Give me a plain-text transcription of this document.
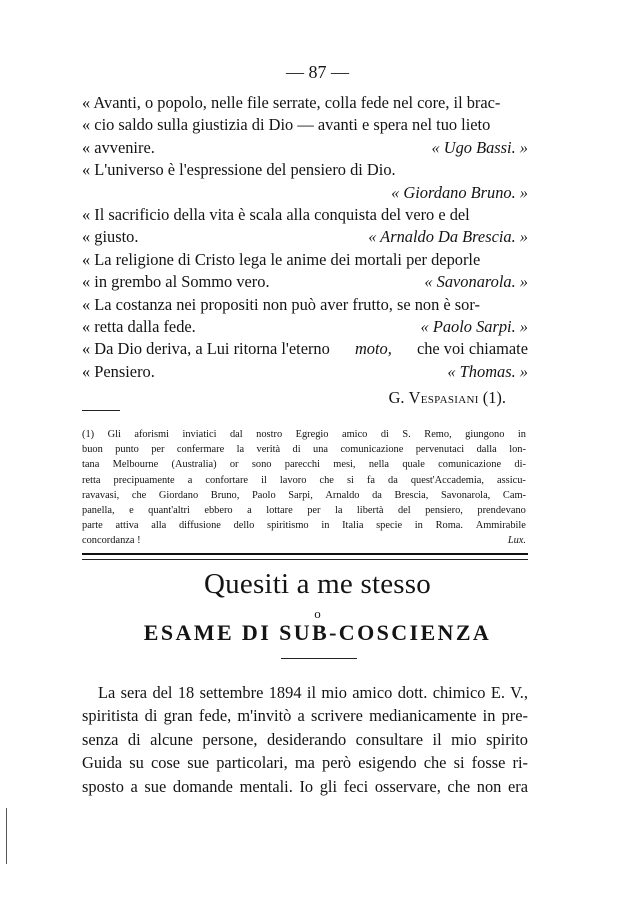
— 87 —
« Avanti, o popolo, nelle file serrate, colla fede nel core, il brac-
« cio saldo sulla giustizia di Dio — avanti e spera nel tuo lieto
« avvenire.	« Ugo Bassi. »
« L'universo è l'espressione del pensiero di Dio.
« Giordano Bruno. »
« Il sacrificio della vita è scala alla conquista del vero e del
« giusto.	« Arnaldo Da Brescia. »
« La religione di Cristo lega le anime dei mortali per deporle
« in grembo al Sommo vero.	« Savonarola. »
« La costanza nei propositi non può aver frutto, se non è sor-
« retta dalla fede.	« Paolo Sarpi. »
« Da Dio deriva, a Lui ritorna l'eterno moto, che voi chiamate
« Pensiero.	« Thomas. »
G.
Vespasiani
(1).
(1) Gli aforismi inviatici dal nostro Egregio amico di S. Remo, giungono in
buon punto per confermare la verità di una comunicazione pervenutaci dalla lon-
tana Melbourne (Australia) or sono parecchi mesi, nella quale comunicazione di-
retta precipuamente a confortare il lavoro che si fa da quest'Accademia, assicu-
ravavasi, che Giordano Bruno, Paolo Sarpi, Arnaldo da Brescia, Savonarola, Cam-
panella, e quant'altri ebbero a lottare per la libertà del pensiero, prendevano
parte attiva alla diffusione dello spiritismo in Italia specie in Roma. Ammirabile
concordanza !	Lux.
Quesiti a me stesso
o
ESAME DI SUB-COSCIENZA
La sera del 18 settembre 1894 il mio amico dott. chimico E. V.,
spiritista di gran fede, m'invitò a scrivere medianicamente in pre-
senza di alcune persone, desiderando consultare il mio spirito
Guida su cose sue particolari, ma però esigendo che si fosse ri-
sposto a sue domande mentali. Io gli feci osservare, che non era
